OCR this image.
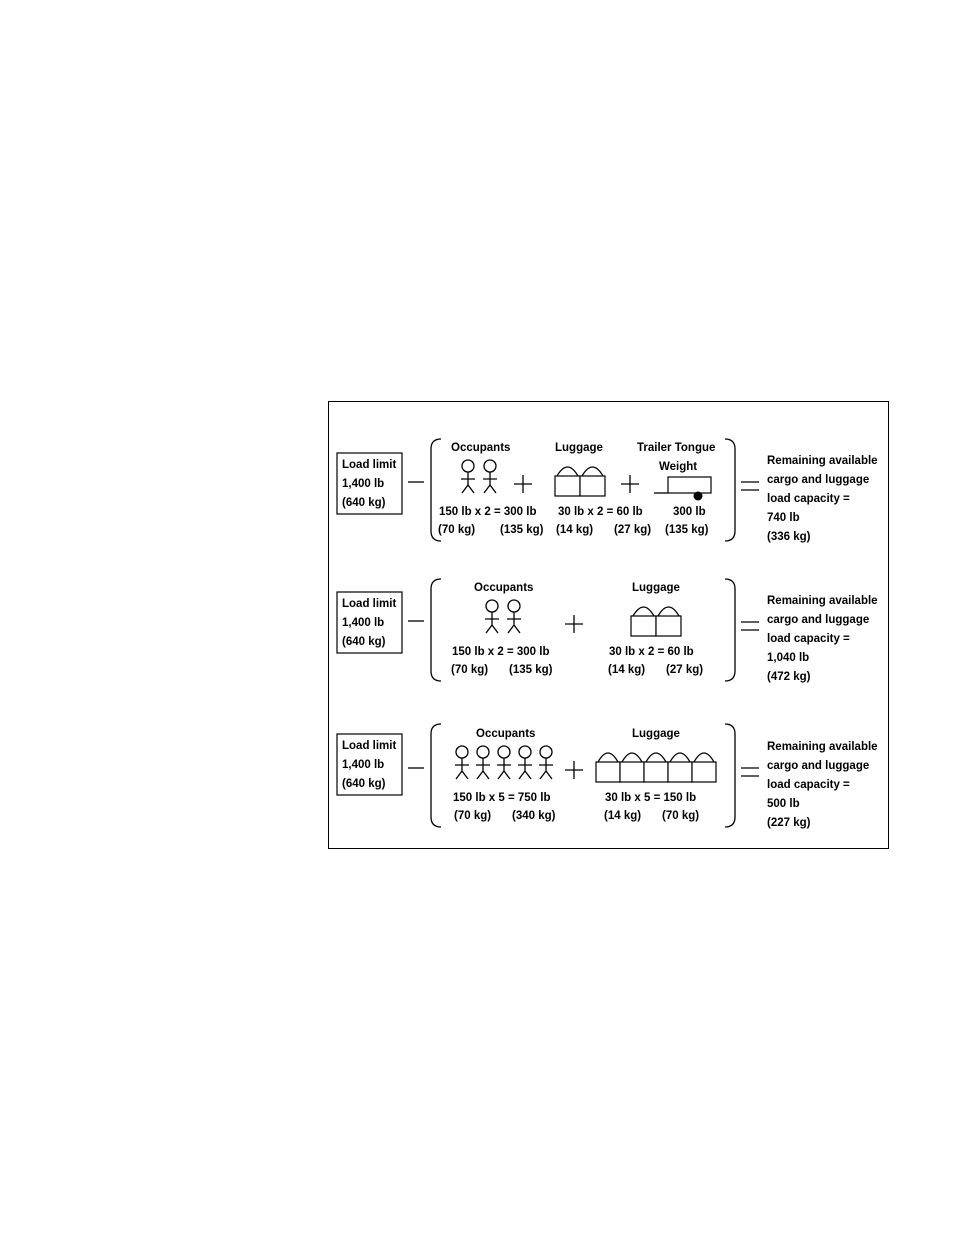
Load limit
1,400 lb
(640 kg)
Occupants
150 lb x 2 = 300 lb
(70 kg) (135 kg)
Luggage
30 lb x 2 = 60 lb
(14 kg) (27 kg)
Trailer Tongue
Weight
300 lb
(135 kg)
Remaining available
cargo and luggage
load capacity =
740 lb
(336 kg)
Load limit
1,400 lb
(640 kg)
Occupants
150 lb x 2 = 300 lb
(70 kg) (135 kg)
Luggage
30 lb x 2 = 60 lb
(14 kg) (27 kg)
Remaining available
cargo and luggage
load capacity =
1,040 lb
(472 kg)
Load limit
1,400 lb
(640 kg)
Occupants
150 lb x 5 = 750 lb
(70 kg) (340 kg)
Luggage
30 lb x 5 = 150 lb
(14 kg) (70 kg)
Remaining available
cargo and luggage
load capacity =
500 lb
(227 kg)
